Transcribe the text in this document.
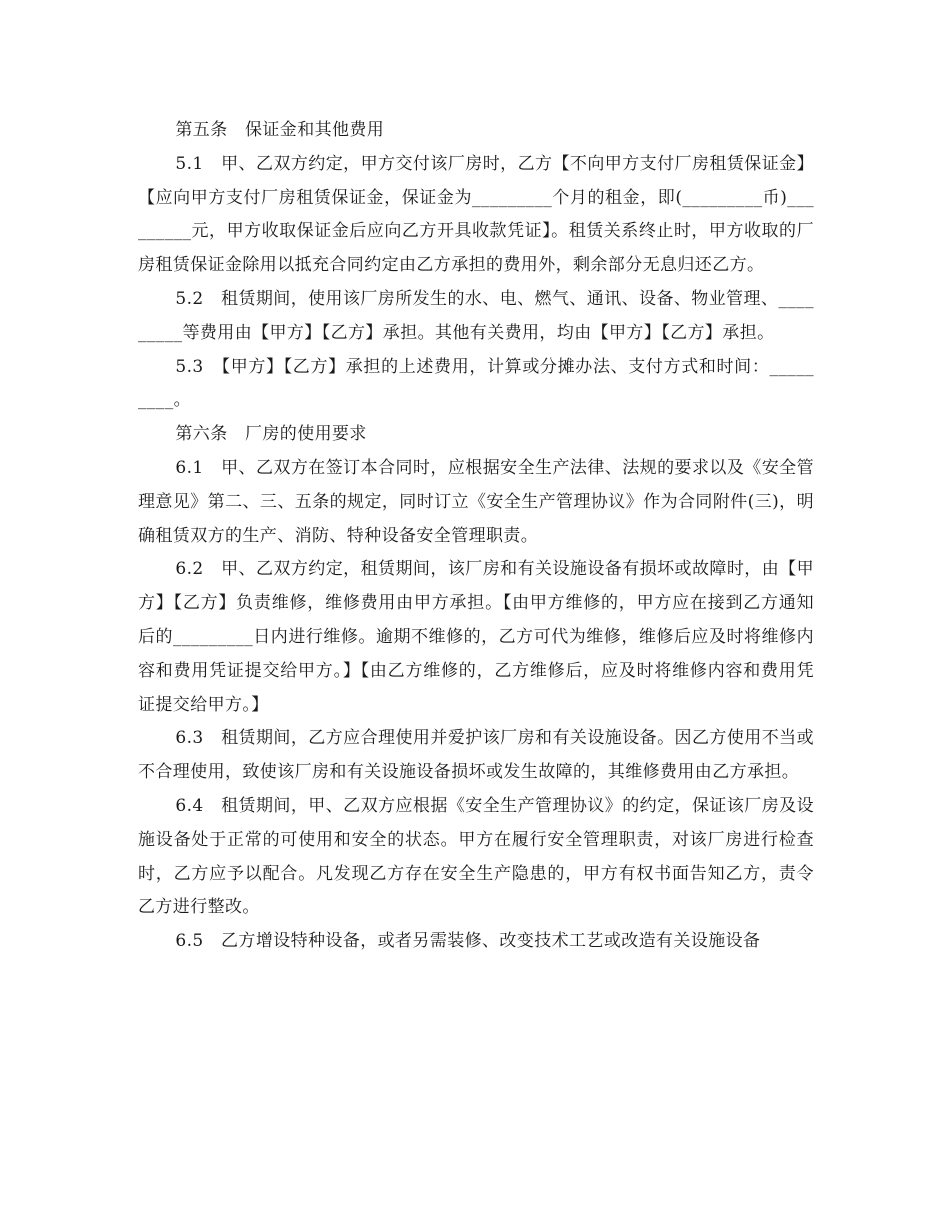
第五条　保证金和其他费用

5.1　甲、乙双方约定，甲方交付该厂房时，乙方【不向甲方支付厂房租赁保证金】【应向甲方支付厂房租赁保证金，保证金为_________个月的租金，即(_________币)_________元，甲方收取保证金后应向乙方开具收款凭证】。租赁关系终止时，甲方收取的厂房租赁保证金除用以抵充合同约定由乙方承担的费用外，剩余部分无息归还乙方。

5.2　租赁期间，使用该厂房所发生的水、电、燃气、通讯、设备、物业管理、_________等费用由【甲方】【乙方】承担。其他有关费用，均由【甲方】【乙方】承担。

5.3　【甲方】【乙方】承担的上述费用，计算或分摊办法、支付方式和时间：_________。

第六条　厂房的使用要求

6.1　甲、乙双方在签订本合同时，应根据安全生产法律、法规的要求以及《安全管理意见》第二、三、五条的规定，同时订立《安全生产管理协议》作为合同附件(三)，明确租赁双方的生产、消防、特种设备安全管理职责。

6.2　甲、乙双方约定，租赁期间，该厂房和有关设施设备有损坏或故障时，由【甲方】【乙方】负责维修，维修费用由甲方承担。【由甲方维修的，甲方应在接到乙方通知后的_________日内进行维修。逾期不维修的，乙方可代为维修，维修后应及时将维修内容和费用凭证提交给甲方。】【由乙方维修的，乙方维修后，应及时将维修内容和费用凭证提交给甲方。】

6.3　租赁期间，乙方应合理使用并爱护该厂房和有关设施设备。因乙方使用不当或不合理使用，致使该厂房和有关设施设备损坏或发生故障的，其维修费用由乙方承担。

6.4　租赁期间，甲、乙双方应根据《安全生产管理协议》的约定，保证该厂房及设施设备处于正常的可使用和安全的状态。甲方在履行安全管理职责，对该厂房进行检查时，乙方应予以配合。凡发现乙方存在安全生产隐患的，甲方有权书面告知乙方，责令乙方进行整改。

6.5　乙方增设特种设备，或者另需装修、改变技术工艺或改造有关设施设备
